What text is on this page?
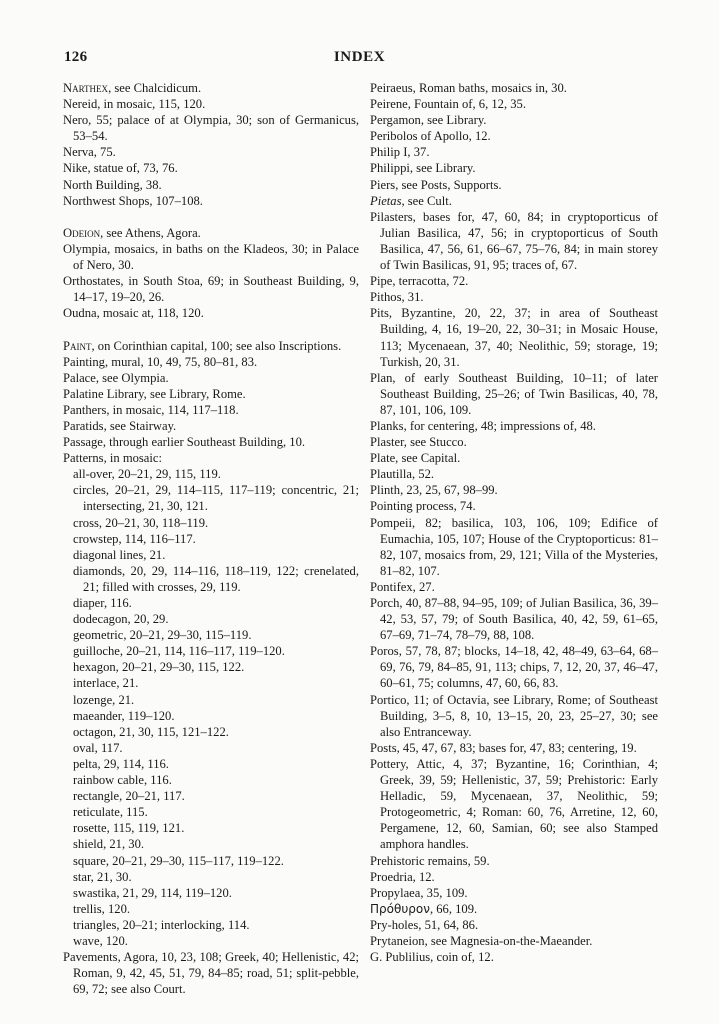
126	INDEX
Narthex, see Chalcidicum.
Nereid, in mosaic, 115, 120.
Nero, 55; palace of at Olympia, 30; son of Germanicus, 53–54.
Nerva, 75.
Nike, statue of, 73, 76.
North Building, 38.
Northwest Shops, 107–108.
Odeion, see Athens, Agora.
Olympia, mosaics, in baths on the Kladeos, 30; in Palace of Nero, 30.
Orthostates, in South Stoa, 69; in Southeast Building, 9, 14–17, 19–20, 26.
Oudna, mosaic at, 118, 120.
Paint, on Corinthian capital, 100; see also Inscriptions.
Painting, mural, 10, 49, 75, 80–81, 83.
Palace, see Olympia.
Palatine Library, see Library, Rome.
Panthers, in mosaic, 114, 117–118.
Paratids, see Stairway.
Passage, through earlier Southeast Building, 10.
Patterns, in mosaic:
all-over, 20–21, 29, 115, 119.
circles, 20–21, 29, 114–115, 117–119; concentric, 21; intersecting, 21, 30, 121.
cross, 20–21, 30, 118–119.
crowstep, 114, 116–117.
diagonal lines, 21.
diamonds, 20, 29, 114–116, 118–119, 122; crenelated, 21; filled with crosses, 29, 119.
diaper, 116.
dodecagon, 20, 29.
geometric, 20–21, 29–30, 115–119.
guilloche, 20–21, 114, 116–117, 119–120.
hexagon, 20–21, 29–30, 115, 122.
interlace, 21.
lozenge, 21.
maeander, 119–120.
octagon, 21, 30, 115, 121–122.
oval, 117.
pelta, 29, 114, 116.
rainbow cable, 116.
rectangle, 20–21, 117.
reticulate, 115.
rosette, 115, 119, 121.
shield, 21, 30.
square, 20–21, 29–30, 115–117, 119–122.
star, 21, 30.
swastika, 21, 29, 114, 119–120.
trellis, 120.
triangles, 20–21; interlocking, 114.
wave, 120.
Pavements, Agora, 10, 23, 108; Greek, 40; Hellenistic, 42; Roman, 9, 42, 45, 51, 79, 84–85; road, 51; split-pebble, 69, 72; see also Court.
Peiraeus, Roman baths, mosaics in, 30.
Peirene, Fountain of, 6, 12, 35.
Pergamon, see Library.
Peribolos of Apollo, 12.
Philip I, 37.
Philippi, see Library.
Piers, see Posts, Supports.
Pietas, see Cult.
Pilasters, bases for, 47, 60, 84; in cryptoporticus of Julian Basilica, 47, 56; in cryptoporticus of South Basilica, 47, 56, 61, 66–67, 75–76, 84; in main storey of Twin Basilicas, 91, 95; traces of, 67.
Pipe, terracotta, 72.
Pithos, 31.
Pits, Byzantine, 20, 22, 37; in area of Southeast Building, 4, 16, 19–20, 22, 30–31; in Mosaic House, 113; Mycenaean, 37, 40; Neolithic, 59; storage, 19; Turkish, 20, 31.
Plan, of early Southeast Building, 10–11; of later Southeast Building, 25–26; of Twin Basilicas, 40, 78, 87, 101, 106, 109.
Planks, for centering, 48; impressions of, 48.
Plaster, see Stucco.
Plate, see Capital.
Plautilla, 52.
Plinth, 23, 25, 67, 98–99.
Pointing process, 74.
Pompeii, 82; basilica, 103, 106, 109; Edifice of Eumachia, 105, 107; House of the Cryptoporticus: 81–82, 107, mosaics from, 29, 121; Villa of the Mysteries, 81–82, 107.
Pontifex, 27.
Porch, 40, 87–88, 94–95, 109; of Julian Basilica, 36, 39–42, 53, 57, 79; of South Basilica, 40, 42, 59, 61–65, 67–69, 71–74, 78–79, 88, 108.
Poros, 57, 78, 87; blocks, 14–18, 42, 48–49, 63–64, 68–69, 76, 79, 84–85, 91, 113; chips, 7, 12, 20, 37, 46–47, 60–61, 75; columns, 47, 60, 66, 83.
Portico, 11; of Octavia, see Library, Rome; of Southeast Building, 3–5, 8, 10, 13–15, 20, 23, 25–27, 30; see also Entranceway.
Posts, 45, 47, 67, 83; bases for, 47, 83; centering, 19.
Pottery, Attic, 4, 37; Byzantine, 16; Corinthian, 4; Greek, 39, 59; Hellenistic, 37, 59; Prehistoric: Early Helladic, 59, Mycenaean, 37, Neolithic, 59; Protogeometric, 4; Roman: 60, 76, Arretine, 12, 60, Pergamene, 12, 60, Samian, 60; see also Stamped amphora handles.
Prehistoric remains, 59.
Proedria, 12.
Propylaea, 35, 109.
Πρόθυρον, 66, 109.
Pry-holes, 51, 64, 86.
Prytaneion, see Magnesia-on-the-Maeander.
G. Publilius, coin of, 12.
